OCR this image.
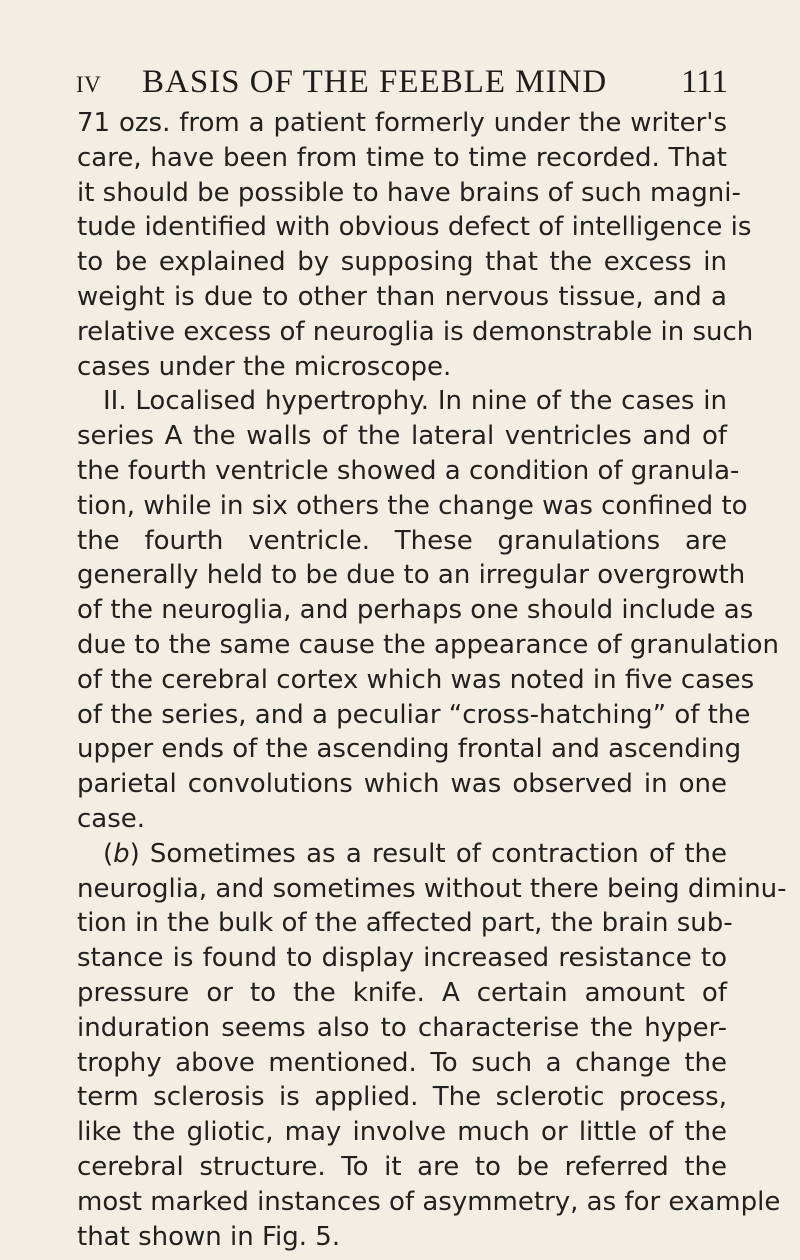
IV BASIS OF THE FEEBLE MIND 111
71 ozs. from a patient formerly under the writer's
care, have been from time to time recorded. That
it should be possible to have brains of such magni-
tude identified with obvious defect of intelligence is
to be explained by supposing that the excess in
weight is due to other than nervous tissue, and a
relative excess of neuroglia is demonstrable in such
cases under the microscope.
II. Localised hypertrophy. In nine of the cases in
series A the walls of the lateral ventricles and of
the fourth ventricle showed a condition of granula-
tion, while in six others the change was confined to
the fourth ventricle. These granulations are
generally held to be due to an irregular overgrowth
of the neuroglia, and perhaps one should include as
due to the same cause the appearance of granulation
of the cerebral cortex which was noted in five cases
of the series, and a peculiar “cross-hatching” of the
upper ends of the ascending frontal and ascending
parietal convolutions which was observed in one
case.
(b) Sometimes as a result of contraction of the
neuroglia, and sometimes without there being diminu-
tion in the bulk of the affected part, the brain sub-
stance is found to display increased resistance to
pressure or to the knife. A certain amount of
induration seems also to characterise the hyper-
trophy above mentioned. To such a change the
term sclerosis is applied. The sclerotic process,
like the gliotic, may involve much or little of the
cerebral structure. To it are to be referred the
most marked instances of asymmetry, as for example
that shown in Fig. 5.
